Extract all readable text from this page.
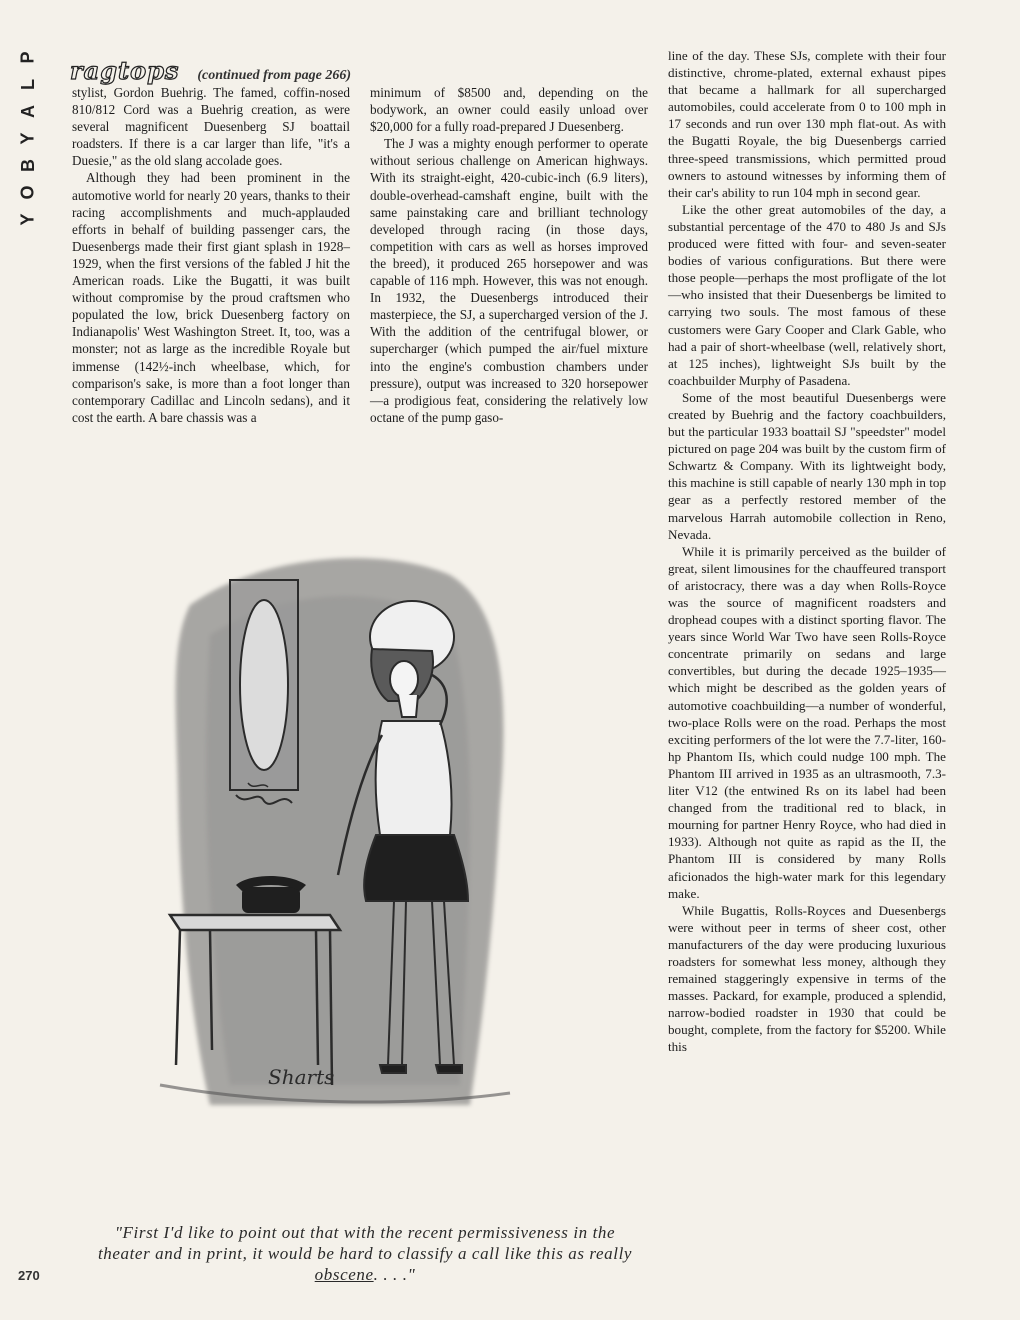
P
L
A
Y
B
O
Y
ragtops (continued from page 266)

stylist, Gordon Buehrig. The famed, coffin-nosed 810/812 Cord was a Buehrig creation, as were several magnificent Duesenberg SJ boattail roadsters. If there is a car larger than life, "it's a Duesie," as the old slang accolade goes.

Although they had been prominent in the automotive world for nearly 20 years, thanks to their racing accomplishments and much-applauded efforts in behalf of building passenger cars, the Duesenbergs made their first giant splash in 1928–1929, when the first versions of the fabled J hit the American roads. Like the Bugatti, it was built without compromise by the proud craftsmen who populated the low, brick Duesenberg factory on Indianapolis' West Washington Street. It, too, was a monster; not as large as the incredible Royale but immense (142½-inch wheelbase, which, for comparison's sake, is more than a foot longer than contemporary Cadillac and Lincoln sedans), and it cost the earth. A bare chassis was a

minimum of $8500 and, depending on the bodywork, an owner could easily unload over $20,000 for a fully road-prepared J Duesenberg.

The J was a mighty enough performer to operate without serious challenge on American highways. With its straight-eight, 420-cubic-inch (6.9 liters), double-overhead-camshaft engine, built with the same painstaking care and brilliant technology developed through racing (in those days, competition with cars as well as horses improved the breed), it produced 265 horsepower and was capable of 116 mph. However, this was not enough. In 1932, the Duesenbergs introduced their masterpiece, the SJ, a supercharged version of the J. With the addition of the centrifugal blower, or supercharger (which pumped the air/fuel mixture into the engine's combustion chambers under pressure), output was increased to 320 horsepower—a prodigious feat, considering the relatively low octane of the pump gaso-

line of the day. These SJs, complete with their four distinctive, chrome-plated, external exhaust pipes that became a hallmark for all supercharged automobiles, could accelerate from 0 to 100 mph in 17 seconds and run over 130 mph flat-out. As with the Bugatti Royale, the big Duesenbergs carried three-speed transmissions, which permitted proud owners to astound witnesses by informing them of their car's ability to run 104 mph in second gear.

Like the other great automobiles of the day, a substantial percentage of the 470 to 480 Js and SJs produced were fitted with four- and seven-seater bodies of various configurations. But there were those people—perhaps the most profligate of the lot—who insisted that their Duesenbergs be limited to carrying two souls. The most famous of these customers were Gary Cooper and Clark Gable, who had a pair of short-wheelbase (well, relatively short, at 125 inches), lightweight SJs built by the coachbuilder Murphy of Pasadena.

Some of the most beautiful Duesenbergs were created by Buehrig and the factory coachbuilders, but the particular 1933 boattail SJ "speedster" model pictured on page 204 was built by the custom firm of Schwartz & Company. With its lightweight body, this machine is still capable of nearly 130 mph in top gear as a perfectly restored member of the marvelous Harrah automobile collection in Reno, Nevada.

While it is primarily perceived as the builder of great, silent limousines for the chauffeured transport of aristocracy, there was a day when Rolls-Royce was the source of magnificent roadsters and drophead coupes with a distinct sporting flavor. The years since World War Two have seen Rolls-Royce concentrate primarily on sedans and large convertibles, but during the decade 1925–1935—which might be described as the golden years of automotive coachbuilding—a number of wonderful, two-place Rolls were on the road. Perhaps the most exciting performers of the lot were the 7.7-liter, 160-hp Phantom IIs, which could nudge 100 mph. The Phantom III arrived in 1935 as an ultrasmooth, 7.3-liter V12 (the entwined Rs on its label had been changed from the traditional red to black, in mourning for partner Henry Royce, who had died in 1933). Although not quite as rapid as the II, the Phantom III is considered by many Rolls aficionados the high-water mark for this legendary make.

While Bugattis, Rolls-Royces and Duesenbergs were without peer in terms of sheer cost, other manufacturers of the day were producing luxurious roadsters for somewhat less money, although they remained staggeringly expensive in terms of the masses. Packard, for example, produced a splendid, narrow-bodied roadster in 1930 that could be bought, complete, from the factory for $5200. While this

Sharts
"First I'd like to point out that with the recent permissiveness in the theater and in print, it would be hard to classify a call like this as really obscene. . . ."
270
